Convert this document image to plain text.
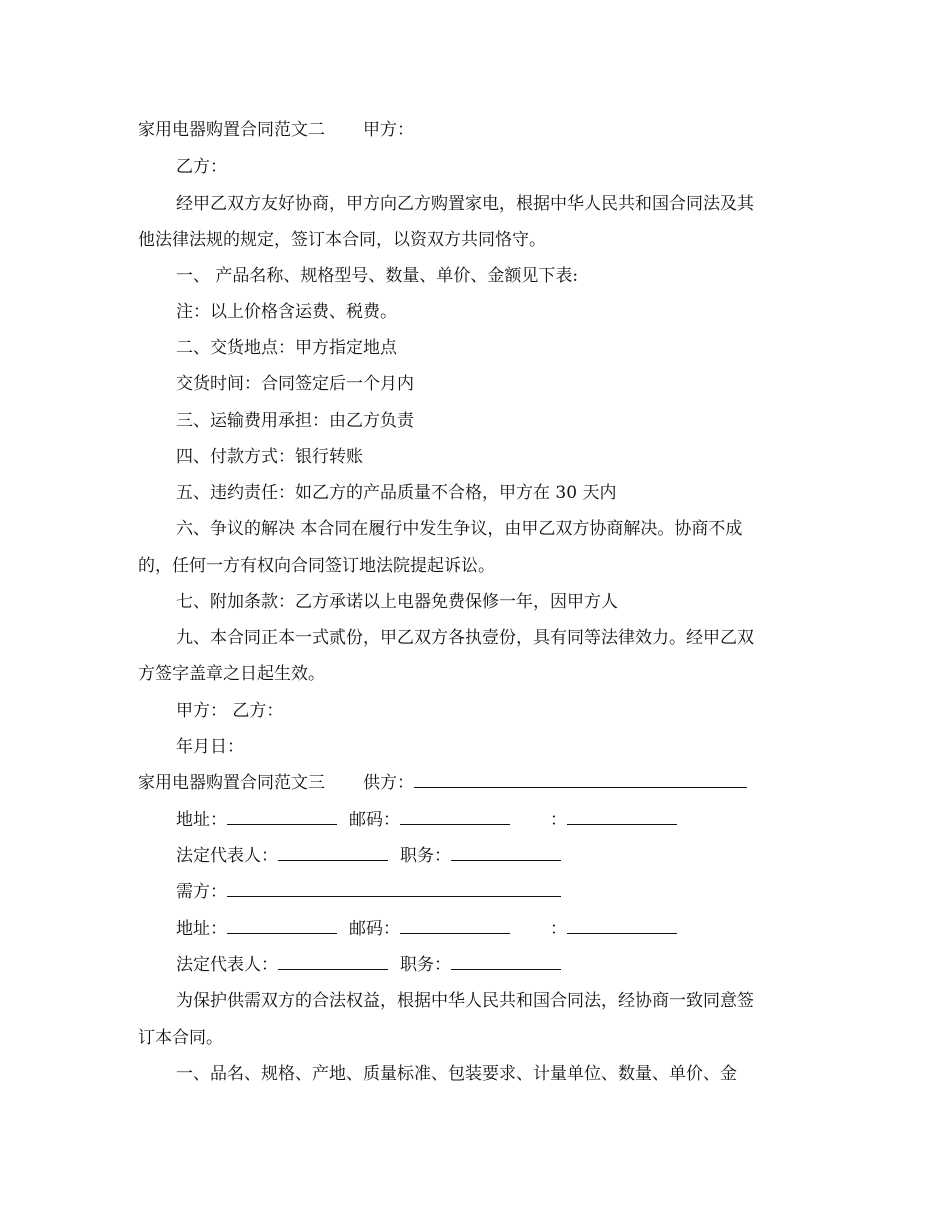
家用电器购置合同范文二 甲方：
乙方：
经甲乙双方友好协商，甲方向乙方购置家电，根据中华人民共和国合同法及其
他法律法规的规定，签订本合同，以资双方共同恪守。
一、 产品名称、规格型号、数量、单价、金额见下表:
注：以上价格含运费、税费。
二、交货地点：甲方指定地点
交货时间：合同签定后一个月内
三、运输费用承担：由乙方负责
四、付款方式：银行转账
五、违约责任：如乙方的产品质量不合格，甲方在 30 天内
六、争议的解决 本合同在履行中发生争议，由甲乙双方协商解决。协商不成
的，任何一方有权向合同签订地法院提起诉讼。
七、附加条款：乙方承诺以上电器免费保修一年，因甲方人
九、本合同正本一式贰份，甲乙双方各执壹份，具有同等法律效力。经甲乙双
方签字盖章之日起生效。
甲方： 乙方：
年月日：
家用电器购置合同范文三 供方：
地址：	邮码：	：
法定代表人：	职务：
需方：
地址：	邮码：	：
法定代表人：	职务：
为保护供需双方的合法权益，根据中华人民共和国合同法，经协商一致同意签
订本合同。
一、品名、规格、产地、质量标准、包装要求、计量单位、数量、单价、金
